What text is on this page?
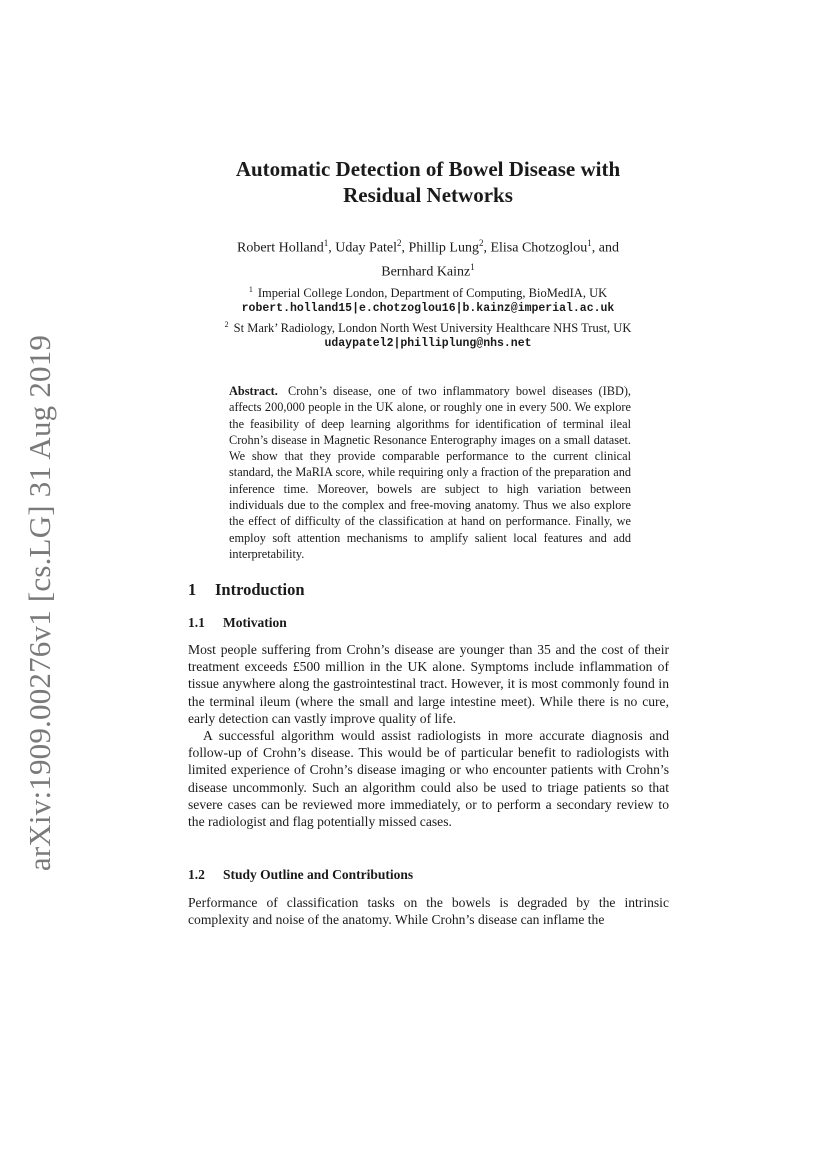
arXiv:1909.00276v1 [cs.LG] 31 Aug 2019
Automatic Detection of Bowel Disease with
Residual Networks
Robert Holland$^1$, Uday Patel$^2$, Phillip Lung$^2$, Elisa Chotzoglou$^1$, and
Bernhard Kainz$^1$
$^1$ Imperial College London, Department of Computing, BioMedIA, UK
robert.holland15|e.chotzoglou16|b.kainz@imperial.ac.uk
$^2$ St Mark’ Radiology, London North West University Healthcare NHS Trust, UK
udaypatel2|philliplung@nhs.net
Abstract. Crohn’s disease, one of two inflammatory bowel diseases (IBD), affects 200,000 people in the UK alone, or roughly one in every 500. We explore the feasibility of deep learning algorithms for identification of terminal ileal Crohn’s disease in Magnetic Resonance Enterography images on a small dataset. We show that they provide comparable performance to the current clinical standard, the MaRIA score, while requiring only a fraction of the preparation and inference time. Moreover, bowels are subject to high variation between individuals due to the complex and free-moving anatomy. Thus we also explore the effect of difficulty of the classification at hand on performance. Finally, we employ soft attention mechanisms to amplify salient local features and add interpretability.
1 Introduction
1.1 Motivation

Most people suffering from Crohn’s disease are younger than 35 and the cost of their treatment exceeds £500 million in the UK alone. Symptoms include inflammation of tissue anywhere along the gastrointestinal tract. However, it is most commonly found in the terminal ileum (where the small and large intestine meet). While there is no cure, early detection can vastly improve quality of life.

A successful algorithm would assist radiologists in more accurate diagnosis and follow-up of Crohn’s disease. This would be of particular benefit to radiologists with limited experience of Crohn’s disease imaging or who encounter patients with Crohn’s disease uncommonly. Such an algorithm could also be used to triage patients so that severe cases can be reviewed more immediately, or to perform a secondary review to the radiologist and flag potentially missed cases.

1.2 Study Outline and Contributions

Performance of classification tasks on the bowels is degraded by the intrinsic complexity and noise of the anatomy. While Crohn’s disease can inflame the
